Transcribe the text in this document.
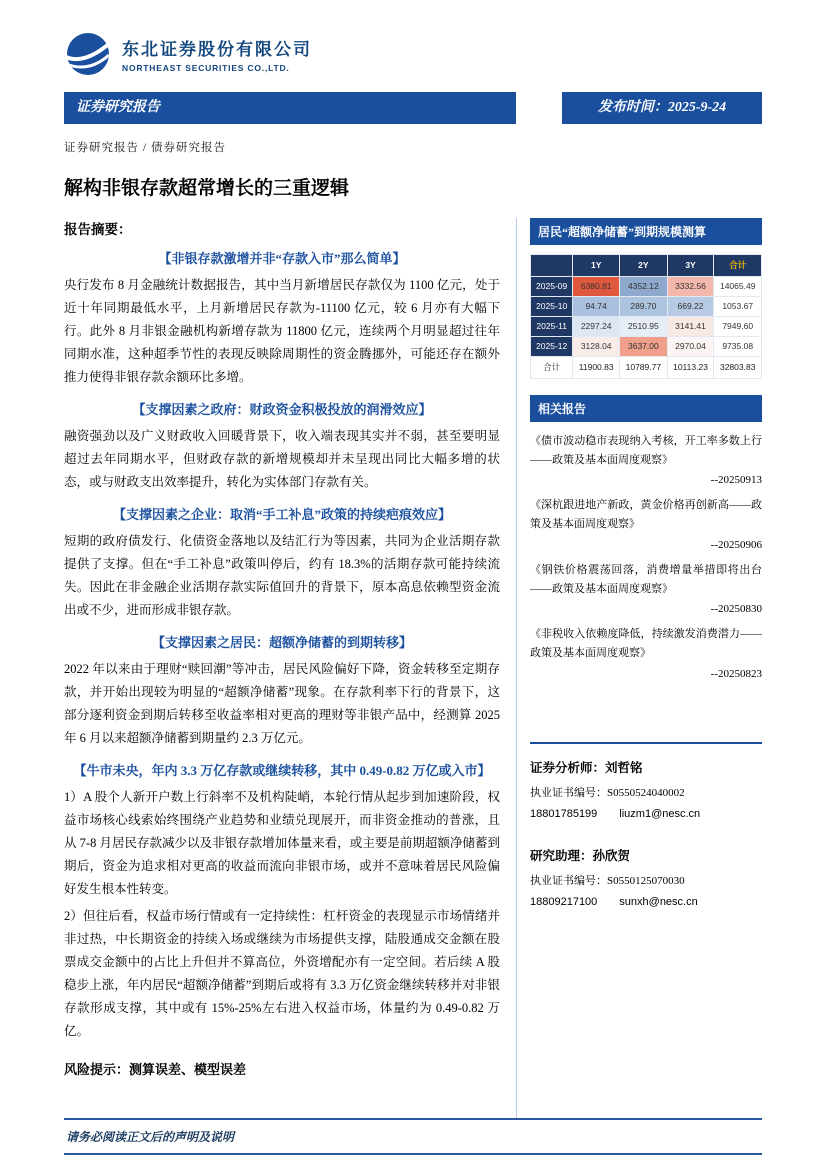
东北证券股份有限公司
NORTHEAST SECURITIES CO.,LTD.
证券研究报告	发布时间：2025-9-24
证券研究报告 / 债券研究报告
解构非银存款超常增长的三重逻辑
报告摘要：
【非银存款激增并非“存款入市”那么简单】

央行发布 8 月金融统计数据报告，其中当月新增居民存款仅为 1100 亿元，处于近十年同期最低水平，上月新增居民存款为-11100 亿元，较 6 月亦有大幅下行。此外 8 月非银金融机构新增存款为 11800 亿元，连续两个月明显超过往年同期水准，这种超季节性的表现反映除周期性的资金腾挪外，可能还存在额外推力使得非银存款余额环比多增。

【支撑因素之政府：财政资金积极投放的润滑效应】

融资强劲以及广义财政收入回暖背景下，收入端表现其实并不弱，甚至要明显超过去年同期水平，但财政存款的新增规模却并未呈现出同比大幅多增的状态，或与财政支出效率提升，转化为实体部门存款有关。

【支撑因素之企业：取消“手工补息”政策的持续疤痕效应】

短期的政府债发行、化债资金落地以及结汇行为等因素，共同为企业活期存款提供了支撑。但在“手工补息”政策叫停后，约有 18.3%的活期存款可能持续流失。因此在非金融企业活期存款实际值回升的背景下，原本高息依赖型资金流出或不少，进而形成非银存款。

【支撑因素之居民：超额净储蓄的到期转移】

2022 年以来由于理财“赎回潮”等冲击，居民风险偏好下降，资金转移至定期存款，并开始出现较为明显的“超额净储蓄”现象。在存款利率下行的背景下，这部分逐利资金到期后转移至收益率相对更高的理财等非银产品中，经测算 2025 年 6 月以来超额净储蓄到期量约 2.3 万亿元。

【牛市未央，年内 3.3 万亿存款或继续转移，其中 0.49-0.82 万亿或入市】

1）A 股个人新开户数上行斜率不及机构陡峭，本轮行情从起步到加速阶段，权益市场核心线索始终围绕产业趋势和业绩兑现展开，而非资金推动的普涨，且从 7-8 月居民存款减少以及非银存款增加体量来看，或主要是前期超额净储蓄到期后，资金为追求相对更高的收益而流向非银市场，或并不意味着居民风险偏好发生根本性转变。

2）但往后看，权益市场行情或有一定持续性：杠杆资金的表现显示市场情绪并非过热，中长期资金的持续入场或继续为市场提供支撑，陆股通成交金额在股票成交金额中的占比上升但并不算高位，外资增配亦有一定空间。若后续 A 股稳步上涨，年内居民“超额净储蓄”到期后或将有 3.3 万亿资金继续转移并对非银存款形成支撑，其中或有 15%-25%左右进入权益市场，体量约为 0.49-0.82 万亿。

风险提示：测算误差、模型误差
居民“超额净储蓄”到期规模测算
	1Y	2Y	3Y	合计
2025-09	6380.81	4352.12	3332.56	14065.49
2025-10	94.74	289.70	669.22	1053.67
2025-11	2297.24	2510.95	3141.41	7949.60
2025-12	3128.04	3637.00	2970.04	9735.08
合计	11900.83	10789.77	10113.23	32803.83
相关报告
《债市波动稳市表现纳入考核，开工率多数上行——政策及基本面周度观察》
--20250913
《深杭跟进地产新政，黄金价格再创新高——政策及基本面周度观察》
--20250906
《钢铁价格震荡回落，消费增量举措即将出台——政策及基本面周度观察》
--20250830
《非税收入依赖度降低，持续激发消费潜力——政策及基本面周度观察》
--20250823
证券分析师：刘哲铭
执业证书编号：S0550524040002
18801785199 liuzm1@nesc.cn
研究助理：孙欣贺
执业证书编号：S0550125070030
18809217100 sunxh@nesc.cn
请务必阅读正文后的声明及说明
